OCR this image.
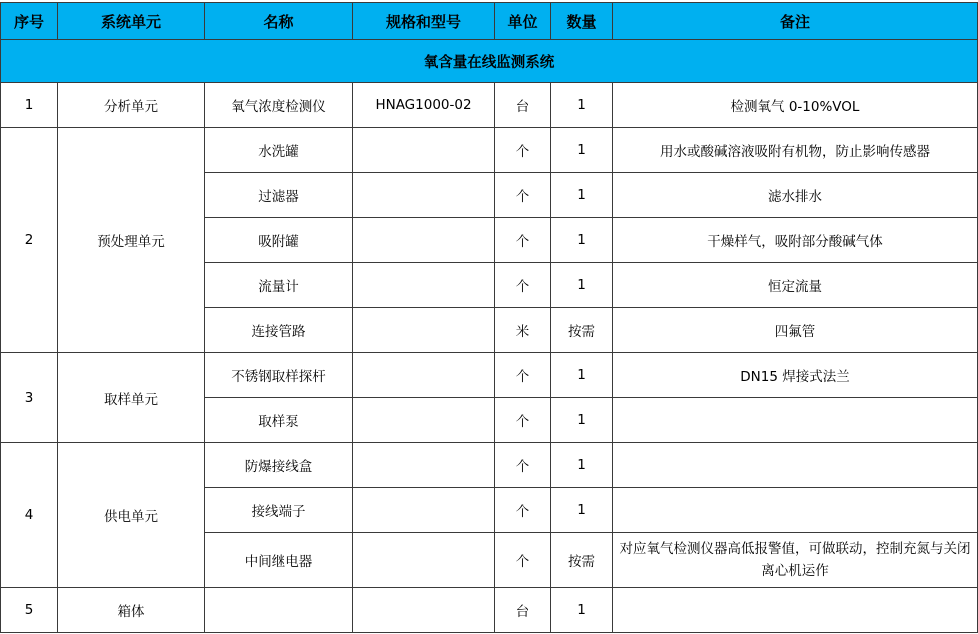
序号	系统单元	名称	规格和型号	单位	数量	备注
氧含量在线监测系统						
1	分析单元	氧气浓度检测仪	HNAG1000-02	台	1	检测氧气 0-10%VOL
2	预处理单元	水洗罐		个	1	用水或酸碱溶液吸附有机物，防止影响传感器
		过滤器		个	1	滤水排水
		吸附罐		个	1	干燥样气，吸附部分酸碱气体
		流量计		个	1	恒定流量
		连接管路		米	按需	四氟管
3	取样单元	不锈钢取样探杆		个	1	DN15 焊接式法兰
		取样泵		个	1	
4	供电单元	防爆接线盒		个	1	
		接线端子		个	1	
		中间继电器		个	按需	对应氧气检测仪器高低报警值，可做联动，控制充氮与关闭离心机运作
5	箱体			台	1	
